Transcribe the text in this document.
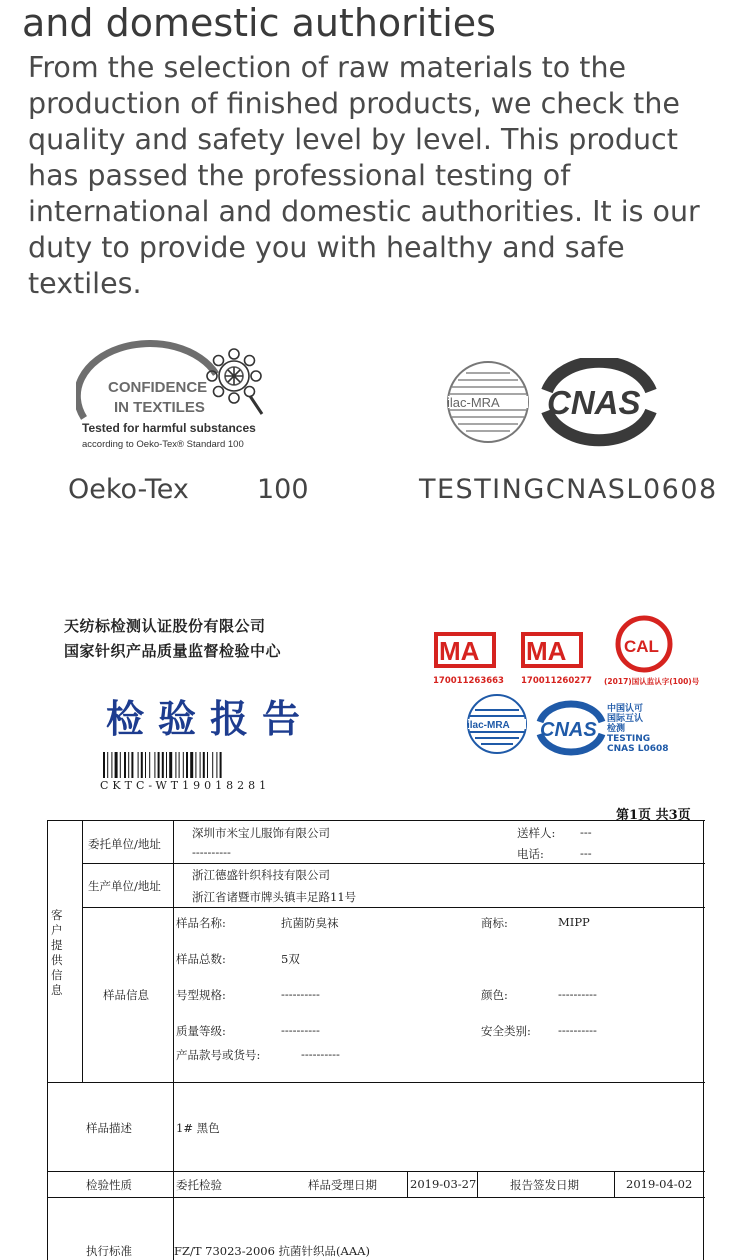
and domestic authorities
From the selection of raw materials to the production of finished products, we check the quality and safety level by level. This product has passed the professional testing of international and domestic authorities. It is our duty to provide you with healthy and safe textiles.
CONFIDENCE
IN TEXTILES
Tested for harmful substances
according to Oeko-Tex® Standard 100
ilac-MRA CNAS
Oeko-Tex	100	TESTINGCNASL0608
天纺标检测认证股份有限公司
国家针织产品质量监督检验中心
检验报告
CKTC-WT19018281
MA
170011263663
MA
170011260277
CAL
(2017)国认监认字(100)号
ilac-MRA CNAS
中国认可
国际互认
检测
TESTING
CNAS L0608
第1页 共3页
客户提供信息
委托单位/地址
深圳市米宝儿服饰有限公司
----------
送样人: ---
电话:	---
生产单位/地址
浙江德盛针织科技有限公司
浙江省诸暨市牌头镇丰足路11号
样品信息
样品名称:	抗菌防臭袜	商标:	MIPP
样品总数:	5双
号型规格:	----------	颜色:	----------
质量等级:	----------	安全类别: ----------
产品款号或货号:	----------
样品描述	1# 黑色
检验性质	委托检验	样品受理日期	2019-03-27	报告签发日期	2019-04-02
执行标准	FZ/T 73023-2006 抗菌针织品(AAA)
